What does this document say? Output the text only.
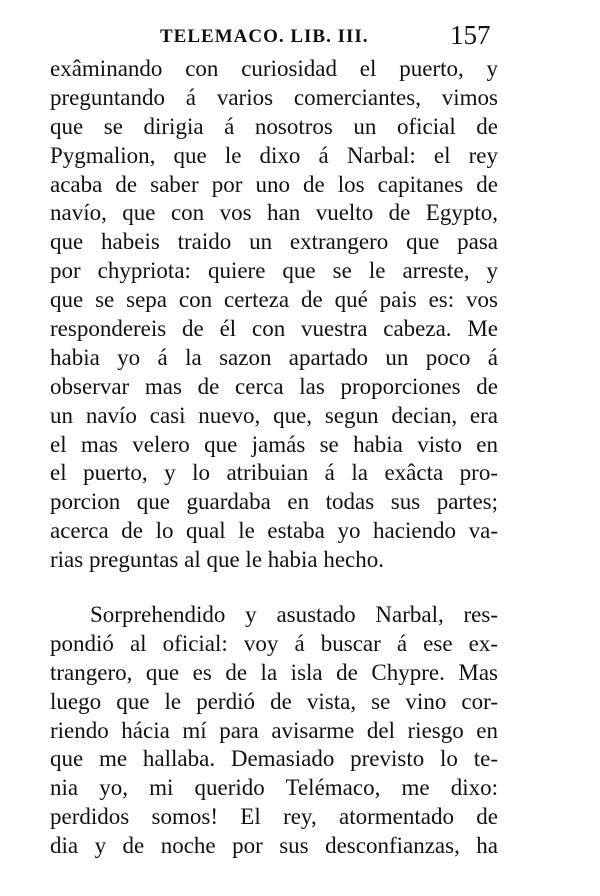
TELEMACO. LIB. III.	157
exâminando con curiosidad el puerto, y
preguntando á varios comerciantes, vimos
que se dirigia á nosotros un oficial de
Pygmalion, que le dixo á Narbal: el rey
acaba de saber por uno de los capitanes de
navío, que con vos han vuelto de Egypto,
que habeis traido un extrangero que pasa
por chypriota: quiere que se le arreste, y
que se sepa con certeza de qué pais es: vos
respondereis de él con vuestra cabeza. Me
habia yo á la sazon apartado un poco á
observar mas de cerca las proporciones de
un navío casi nuevo, que, segun decian, era
el mas velero que jamás se habia visto en
el puerto, y lo atribuian á la exâcta pro-
porcion que guardaba en todas sus partes;
acerca de lo qual le estaba yo haciendo va-
rias preguntas al que le habia hecho.
Sorprehendido y asustado Narbal, res-
pondió al oficial: voy á buscar á ese ex-
trangero, que es de la isla de Chypre. Mas
luego que le perdió de vista, se vino cor-
riendo hácia mí para avisarme del riesgo en
que me hallaba. Demasiado previsto lo te-
nia yo, mi querido Telémaco, me dixo:
perdidos somos! El rey, atormentado de
dia y de noche por sus desconfianzas, ha
